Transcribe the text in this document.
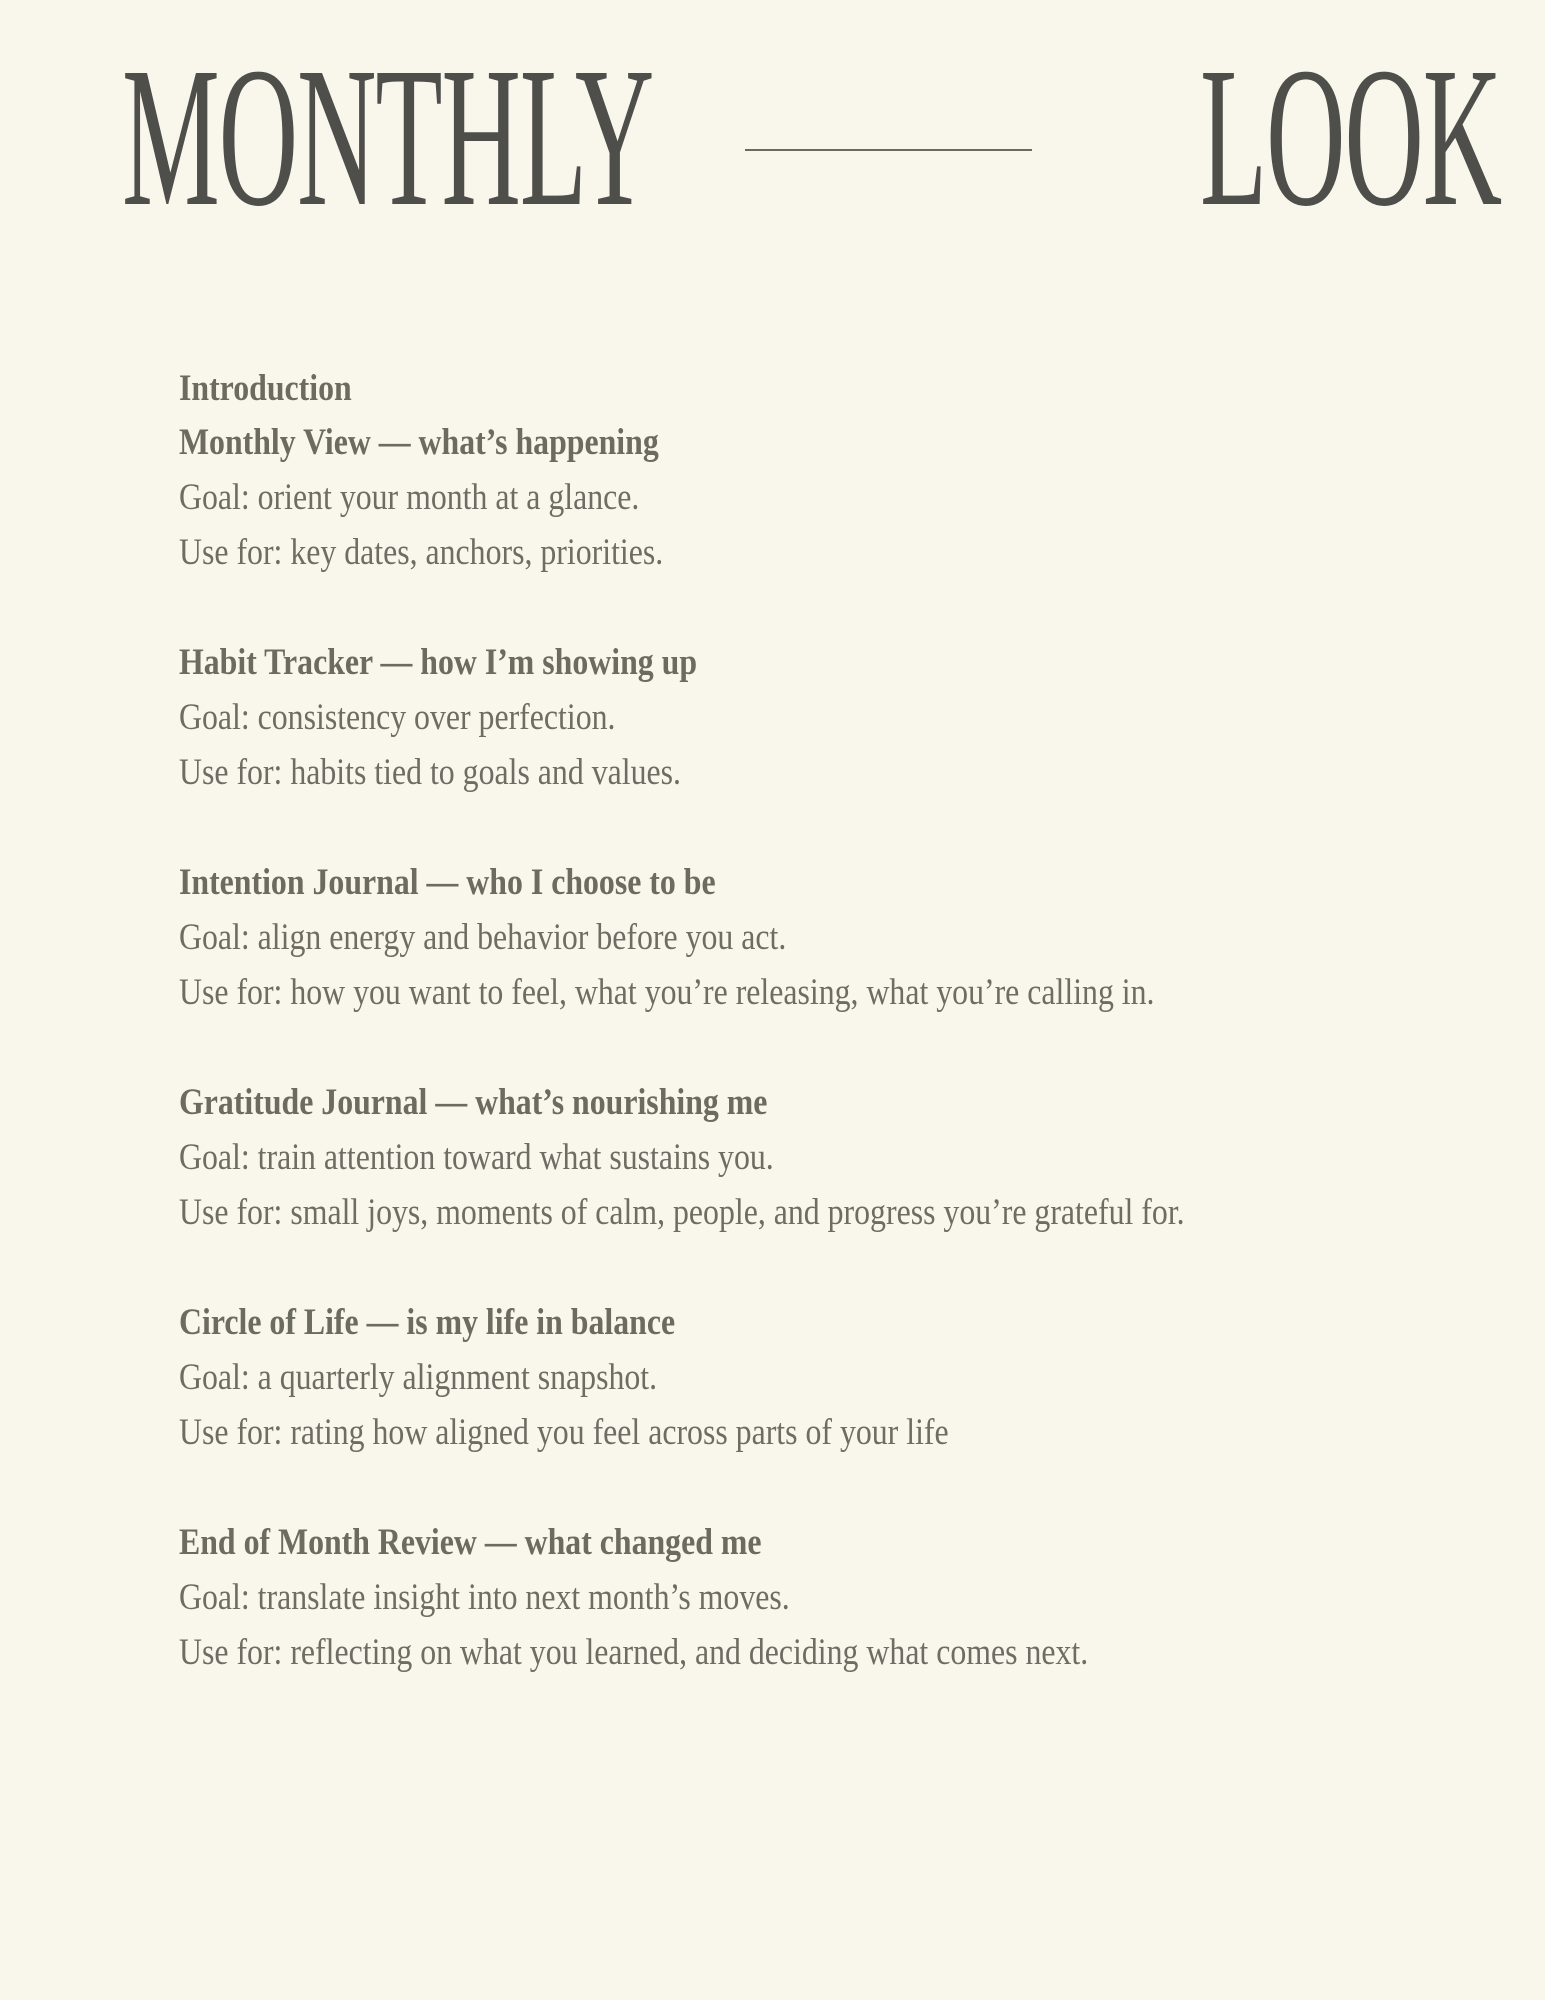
MONTHLY	LOOK
Introduction
Monthly View — what’s happening
Goal: orient your month at a glance.
Use for: key dates, anchors, priorities.
Habit Tracker — how I’m showing up
Goal: consistency over perfection.
Use for: habits tied to goals and values.
Intention Journal — who I choose to be
Goal: align energy and behavior before you act.
Use for: how you want to feel, what you’re releasing, what you’re calling in.
Gratitude Journal — what’s nourishing me
Goal: train attention toward what sustains you.
Use for: small joys, moments of calm, people, and progress you’re grateful for.
Circle of Life — is my life in balance
Goal: a quarterly alignment snapshot.
Use for: rating how aligned you feel across parts of your life
End of Month Review — what changed me
Goal: translate insight into next month’s moves.
Use for: reflecting on what you learned, and deciding what comes next.
